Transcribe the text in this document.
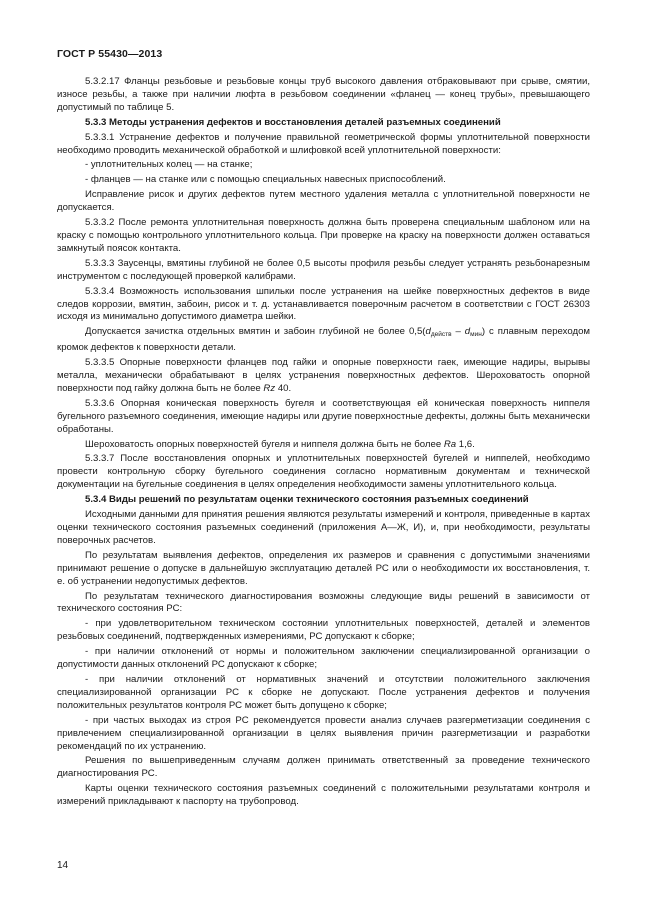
ГОСТ Р 55430—2013

5.3.2.17 Фланцы резьбовые и резьбовые концы труб высокого давления отбраковывают при срыве, смятии, износе резьбы, а также при наличии люфта в резьбовом соединении «фланец — конец трубы», превышающего допустимый по таблице 5.

5.3.3 Методы устранения дефектов и восстановления деталей разъемных соединений

5.3.3.1 Устранение дефектов и получение правильной геометрической формы уплотнительной поверхности необходимо проводить механической обработкой и шлифовкой всей уплотнительной поверхности:

- уплотнительных колец — на станке;

- фланцев — на станке или с помощью специальных навесных приспособлений.

Исправление рисок и других дефектов путем местного удаления металла с уплотнительной поверхности не допускается.

5.3.3.2 После ремонта уплотнительная поверхность должна быть проверена специальным шаблоном или на краску с помощью контрольного уплотнительного кольца. При проверке на краску на поверхности должен оставаться замкнутый поясок контакта.

5.3.3.3 Заусенцы, вмятины глубиной не более 0,5 высоты профиля резьбы следует устранять резьбонарезным инструментом с последующей проверкой калибрами.

5.3.3.4 Возможность использования шпильки после устранения на шейке поверхностных дефектов в виде следов коррозии, вмятин, забоин, рисок и т. д. устанавливается поверочным расчетом в соответствии с ГОСТ 26303 исходя из минимально допустимого диаметра шейки.

Допускается зачистка отдельных вмятин и забоин глубиной не более $0,5(d_{действ} - d_{мин})$ с плавным переходом кромок дефектов к поверхности детали.

5.3.3.5 Опорные поверхности фланцев под гайки и опорные поверхности гаек, имеющие надиры, вырывы металла, механически обрабатывают в целях устранения поверхностных дефектов. Шероховатость опорной поверхности под гайку должна быть не более Rz 40.

5.3.3.6 Опорная коническая поверхность бугеля и соответствующая ей коническая поверхность ниппеля бугельного разъемного соединения, имеющие надиры или другие поверхностные дефекты, должны быть механически обработаны.

Шероховатость опорных поверхностей бугеля и ниппеля должна быть не более Ra 1,6.

5.3.3.7 После восстановления опорных и уплотнительных поверхностей бугелей и ниппелей, необходимо провести контрольную сборку бугельного соединения согласно нормативным документам и технической документации на бугельные соединения в целях определения необходимости замены уплотнительного кольца.

5.3.4 Виды решений по результатам оценки технического состояния разъемных соединений

Исходными данными для принятия решения являются результаты измерений и контроля, приведенные в картах оценки технического состояния разъемных соединений (приложения А—Ж, И), и, при необходимости, результаты поверочных расчетов.

По результатам выявления дефектов, определения их размеров и сравнения с допустимыми значениями принимают решение о допуске в дальнейшую эксплуатацию деталей РС или о необходимости их восстановления, т. е. об устранении недопустимых дефектов.

По результатам технического диагностирования возможны следующие виды решений в зависимости от технического состояния РС:

- при удовлетворительном техническом состоянии уплотнительных поверхностей, деталей и элементов резьбовых соединений, подтвержденных измерениями, РС допускают к сборке;

- при наличии отклонений от нормы и положительном заключении специализированной организации о допустимости данных отклонений РС допускают к сборке;

- при наличии отклонений от нормативных значений и отсутствии положительного заключения специализированной организации РС к сборке не допускают. После устранения дефектов и получения положительных результатов контроля РС может быть допущено к сборке;

- при частых выходах из строя РС рекомендуется провести анализ случаев разгерметизации соединения с привлечением специализированной организации в целях выявления причин разгерметизации и разработки рекомендаций по их устранению.

Решения по вышеприведенным случаям должен принимать ответственный за проведение технического диагностирования РС.

Карты оценки технического состояния разъемных соединений с положительными результатами контроля и измерений прикладывают к паспорту на трубопровод.

14
